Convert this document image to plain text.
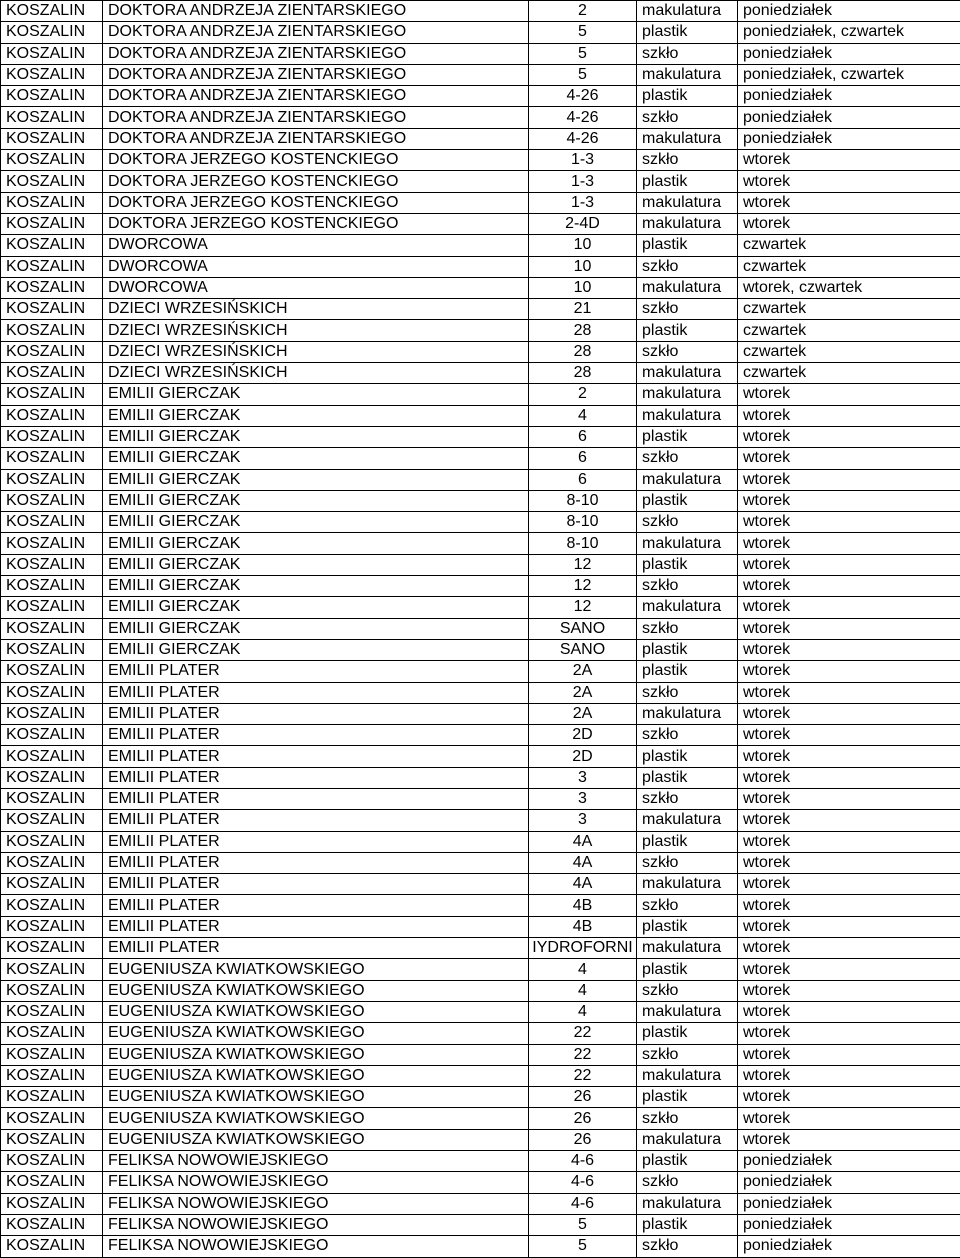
KOSZALIN	DOKTORA ANDRZEJA ZIENTARSKIEGO	2	makulatura	poniedziałek
KOSZALIN	DOKTORA ANDRZEJA ZIENTARSKIEGO	5	plastik	poniedziałek, czwartek
KOSZALIN	DOKTORA ANDRZEJA ZIENTARSKIEGO	5	szkło	poniedziałek
KOSZALIN	DOKTORA ANDRZEJA ZIENTARSKIEGO	5	makulatura	poniedziałek, czwartek
KOSZALIN	DOKTORA ANDRZEJA ZIENTARSKIEGO	4-26	plastik	poniedziałek
KOSZALIN	DOKTORA ANDRZEJA ZIENTARSKIEGO	4-26	szkło	poniedziałek
KOSZALIN	DOKTORA ANDRZEJA ZIENTARSKIEGO	4-26	makulatura	poniedziałek
KOSZALIN	DOKTORA JERZEGO KOSTENCKIEGO	1-3	szkło	wtorek
KOSZALIN	DOKTORA JERZEGO KOSTENCKIEGO	1-3	plastik	wtorek
KOSZALIN	DOKTORA JERZEGO KOSTENCKIEGO	1-3	makulatura	wtorek
KOSZALIN	DOKTORA JERZEGO KOSTENCKIEGO	2-4D	makulatura	wtorek
KOSZALIN	DWORCOWA	10	plastik	czwartek
KOSZALIN	DWORCOWA	10	szkło	czwartek
KOSZALIN	DWORCOWA	10	makulatura	wtorek, czwartek
KOSZALIN	DZIECI WRZESIŃSKICH	21	szkło	czwartek
KOSZALIN	DZIECI WRZESIŃSKICH	28	plastik	czwartek
KOSZALIN	DZIECI WRZESIŃSKICH	28	szkło	czwartek
KOSZALIN	DZIECI WRZESIŃSKICH	28	makulatura	czwartek
KOSZALIN	EMILII GIERCZAK	2	makulatura	wtorek
KOSZALIN	EMILII GIERCZAK	4	makulatura	wtorek
KOSZALIN	EMILII GIERCZAK	6	plastik	wtorek
KOSZALIN	EMILII GIERCZAK	6	szkło	wtorek
KOSZALIN	EMILII GIERCZAK	6	makulatura	wtorek
KOSZALIN	EMILII GIERCZAK	8-10	plastik	wtorek
KOSZALIN	EMILII GIERCZAK	8-10	szkło	wtorek
KOSZALIN	EMILII GIERCZAK	8-10	makulatura	wtorek
KOSZALIN	EMILII GIERCZAK	12	plastik	wtorek
KOSZALIN	EMILII GIERCZAK	12	szkło	wtorek
KOSZALIN	EMILII GIERCZAK	12	makulatura	wtorek
KOSZALIN	EMILII GIERCZAK	SANO	szkło	wtorek
KOSZALIN	EMILII GIERCZAK	SANO	plastik	wtorek
KOSZALIN	EMILII PLATER	2A	plastik	wtorek
KOSZALIN	EMILII PLATER	2A	szkło	wtorek
KOSZALIN	EMILII PLATER	2A	makulatura	wtorek
KOSZALIN	EMILII PLATER	2D	szkło	wtorek
KOSZALIN	EMILII PLATER	2D	plastik	wtorek
KOSZALIN	EMILII PLATER	3	plastik	wtorek
KOSZALIN	EMILII PLATER	3	szkło	wtorek
KOSZALIN	EMILII PLATER	3	makulatura	wtorek
KOSZALIN	EMILII PLATER	4A	plastik	wtorek
KOSZALIN	EMILII PLATER	4A	szkło	wtorek
KOSZALIN	EMILII PLATER	4A	makulatura	wtorek
KOSZALIN	EMILII PLATER	4B	szkło	wtorek
KOSZALIN	EMILII PLATER	4B	plastik	wtorek
KOSZALIN	EMILII PLATER	IYDROFORNI	makulatura	wtorek
KOSZALIN	EUGENIUSZA KWIATKOWSKIEGO	4	plastik	wtorek
KOSZALIN	EUGENIUSZA KWIATKOWSKIEGO	4	szkło	wtorek
KOSZALIN	EUGENIUSZA KWIATKOWSKIEGO	4	makulatura	wtorek
KOSZALIN	EUGENIUSZA KWIATKOWSKIEGO	22	plastik	wtorek
KOSZALIN	EUGENIUSZA KWIATKOWSKIEGO	22	szkło	wtorek
KOSZALIN	EUGENIUSZA KWIATKOWSKIEGO	22	makulatura	wtorek
KOSZALIN	EUGENIUSZA KWIATKOWSKIEGO	26	plastik	wtorek
KOSZALIN	EUGENIUSZA KWIATKOWSKIEGO	26	szkło	wtorek
KOSZALIN	EUGENIUSZA KWIATKOWSKIEGO	26	makulatura	wtorek
KOSZALIN	FELIKSA NOWOWIEJSKIEGO	4-6	plastik	poniedziałek
KOSZALIN	FELIKSA NOWOWIEJSKIEGO	4-6	szkło	poniedziałek
KOSZALIN	FELIKSA NOWOWIEJSKIEGO	4-6	makulatura	poniedziałek
KOSZALIN	FELIKSA NOWOWIEJSKIEGO	5	plastik	poniedziałek
KOSZALIN	FELIKSA NOWOWIEJSKIEGO	5	szkło	poniedziałek
